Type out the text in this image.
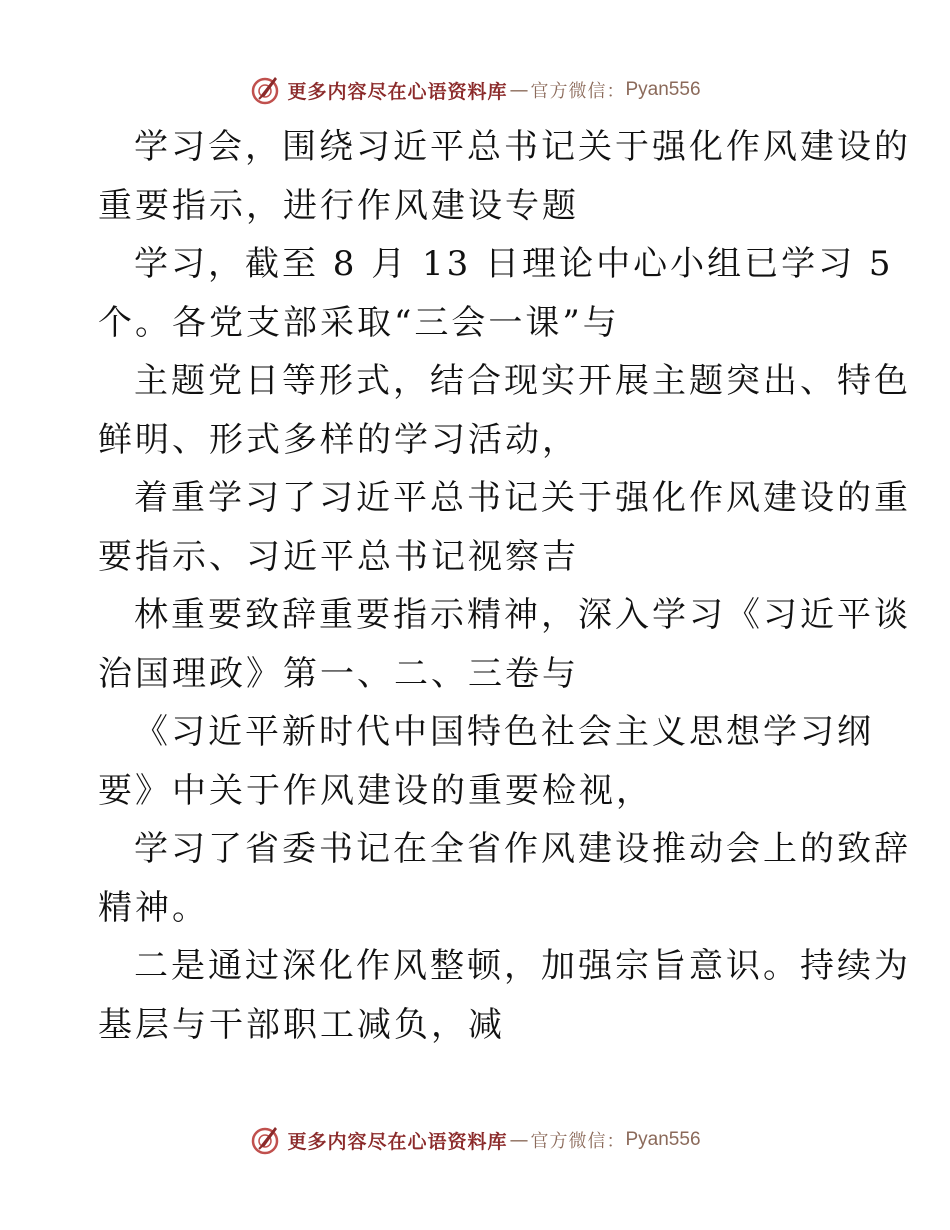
更多内容尽在心语资料库 — 官方微信： Pyan556

学习会，围绕习近平总书记关于强化作风建设的
重要指示，进行作风建设专题

学习，截至 8 月 13 日理论中心小组已学习 5
个。各党支部采取“三会一课”与

主题党日等形式，结合现实开展主题突出、特色
鲜明、形式多样的学习活动，

着重学习了习近平总书记关于强化作风建设的重
要指示、习近平总书记视察吉

林重要致辞重要指示精神，深入学习《习近平谈
治国理政》第一、二、三卷与

《习近平新时代中国特色社会主义思想学习纲
要》中关于作风建设的重要检视，

学习了省委书记在全省作风建设推动会上的致辞
精神。

二是通过深化作风整顿，加强宗旨意识。持续为
基层与干部职工减负，减

更多内容尽在心语资料库 — 官方微信： Pyan556
